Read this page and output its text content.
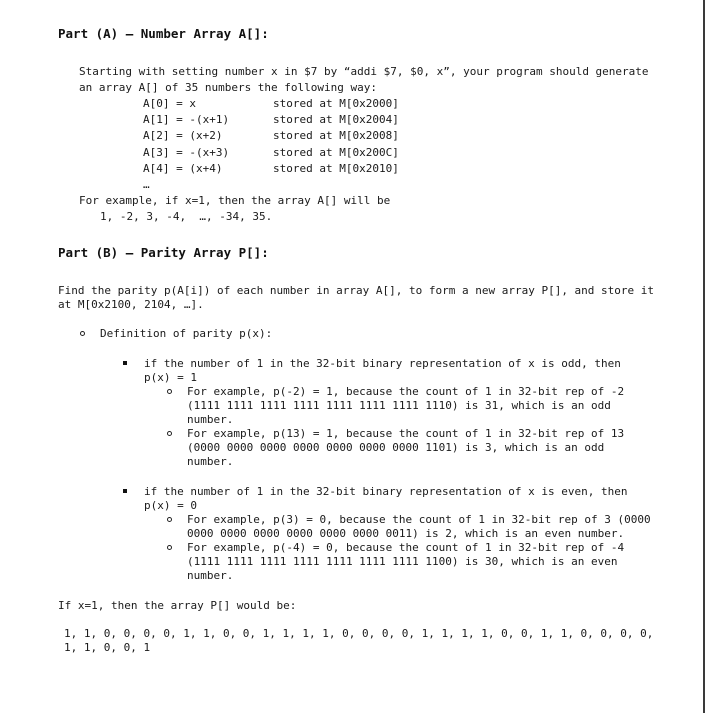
Part (A) – Number Array A[]:
Starting with setting number x in $7 by “addi $7, $0, x”, your program should generate
an array A[] of 35 numbers the following way:
A[0] = x	stored at M[0x2000]
A[1] = -(x+1)	stored at M[0x2004]
A[2] = (x+2)	stored at M[0x2008]
A[3] = -(x+3)	stored at M[0x200C]
A[4] = (x+4)	stored at M[0x2010]
…
For example, if x=1, then the array A[] will be
1, -2, 3, -4,  …, -34, 35.
Part (B) – Parity Array P[]:
Find the parity p(A[i]) of each number in array A[], to form a new array P[], and store it
at M[0x2100, 2104, …].
Definition of parity p(x):
if the number of 1 in the 32-bit binary representation of x is odd, then
p(x) = 1
For example, p(-2) = 1, because the count of 1 in 32-bit rep of -2
(1111 1111 1111 1111 1111 1111 1111 1110) is 31, which is an odd
number.
For example, p(13) = 1, because the count of 1 in 32-bit rep of 13
(0000 0000 0000 0000 0000 0000 0000 1101) is 3, which is an odd
number.
if the number of 1 in the 32-bit binary representation of x is even, then
p(x) = 0
For example, p(3) = 0, because the count of 1 in 32-bit rep of 3 (0000
0000 0000 0000 0000 0000 0000 0011) is 2, which is an even number.
For example, p(-4) = 0, because the count of 1 in 32-bit rep of -4
(1111 1111 1111 1111 1111 1111 1111 1100) is 30, which is an even
number.
If x=1, then the array P[] would be:
1, 1, 0, 0, 0, 0, 1, 1, 0, 0, 1, 1, 1, 1, 0, 0, 0, 0, 1, 1, 1, 1, 0, 0, 1, 1, 0, 0, 0, 0,
1, 1, 0, 0, 1
